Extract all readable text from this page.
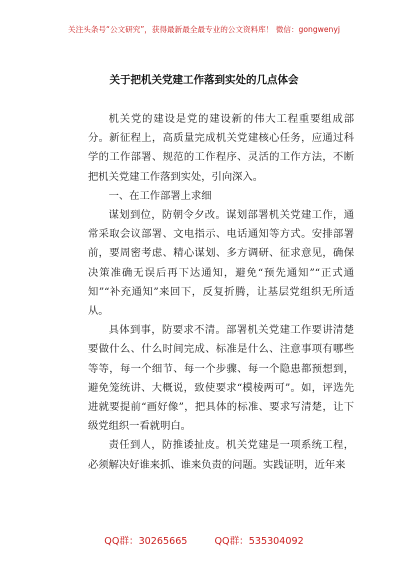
关注头条号“公文研究”，获得最新最全最专业的公文资料库！ 微信：gongwenyj
关于把机关党建工作落到实处的几点体会

机关党的建设是党的建设新的伟大工程重要组成部分。新征程上，高质量完成机关党建核心任务，应通过科学的工作部署、规范的工作程序、灵活的工作方法，不断把机关党建工作落到实处，引向深入。

一、在工作部署上求细

谋划到位，防朝令夕改。谋划部署机关党建工作，通常采取会议部署、文电指示、电话通知等方式。安排部署前，要周密考虑、精心谋划、多方调研、征求意见，确保决策准确无误后再下达通知，避免“预先通知”“正式通知”“补充通知”来回下，反复折腾，让基层党组织无所适从。

具体到事，防要求不清。部署机关党建工作要讲清楚要做什么、什么时间完成、标准是什么、注意事项有哪些等等，每一个细节、每一个步骤、每一个隐患都预想到，避免笼统讲、大概说，致使要求“模棱两可”。如，评选先进就要提前“画好像”，把具体的标准、要求写清楚，让下级党组织一看就明白。

责任到人，防推诿扯皮。机关党建是一项系统工程，必须解决好谁来抓、谁来负责的问题。实践证明，近年来

QQ群：30265665	QQ群：535304092
